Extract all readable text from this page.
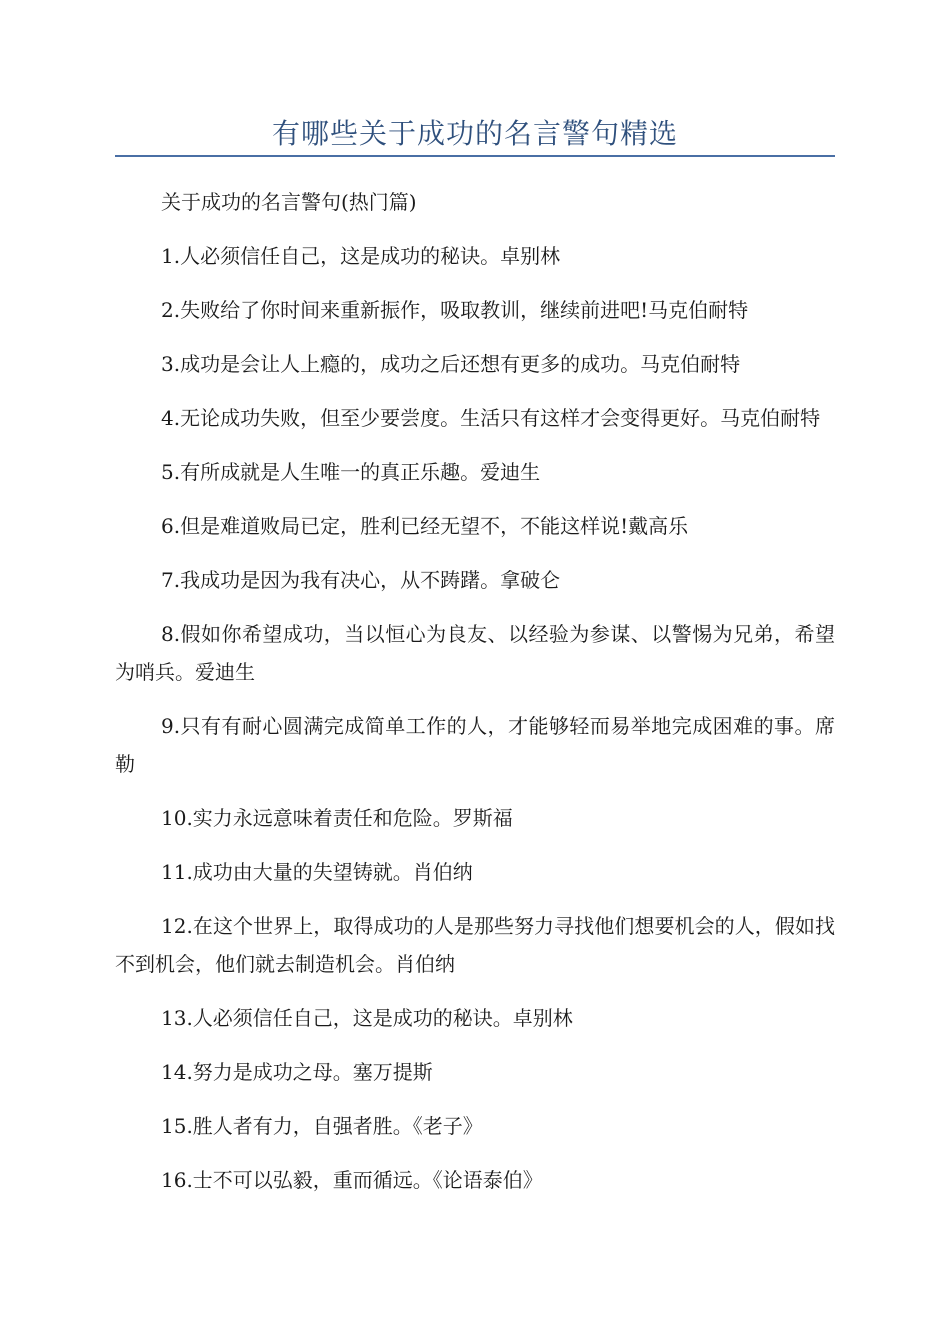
有哪些关于成功的名言警句精选

关于成功的名言警句(热门篇)

1.人必须信任自己，这是成功的秘诀。卓别林

2.失败给了你时间来重新振作，吸取教训，继续前进吧!马克伯耐特

3.成功是会让人上瘾的，成功之后还想有更多的成功。马克伯耐特

4.无论成功失败，但至少要尝度。生活只有这样才会变得更好。马克伯耐特

5.有所成就是人生唯一的真正乐趣。爱迪生

6.但是难道败局已定，胜利已经无望不，不能这样说!戴高乐

7.我成功是因为我有决心，从不踌躇。拿破仑

8.假如你希望成功，当以恒心为良友、以经验为参谋、以警惕为兄弟，希望为哨兵。爱迪生

9.只有有耐心圆满完成简单工作的人，才能够轻而易举地完成困难的事。席勒

10.实力永远意味着责任和危险。罗斯福

11.成功由大量的失望铸就。肖伯纳

12.在这个世界上，取得成功的人是那些努力寻找他们想要机会的人，假如找不到机会，他们就去制造机会。肖伯纳

13.人必须信任自己，这是成功的秘诀。卓别林

14.努力是成功之母。塞万提斯

15.胜人者有力，自强者胜。《老子》

16.士不可以弘毅，重而循远。《论语泰伯》
